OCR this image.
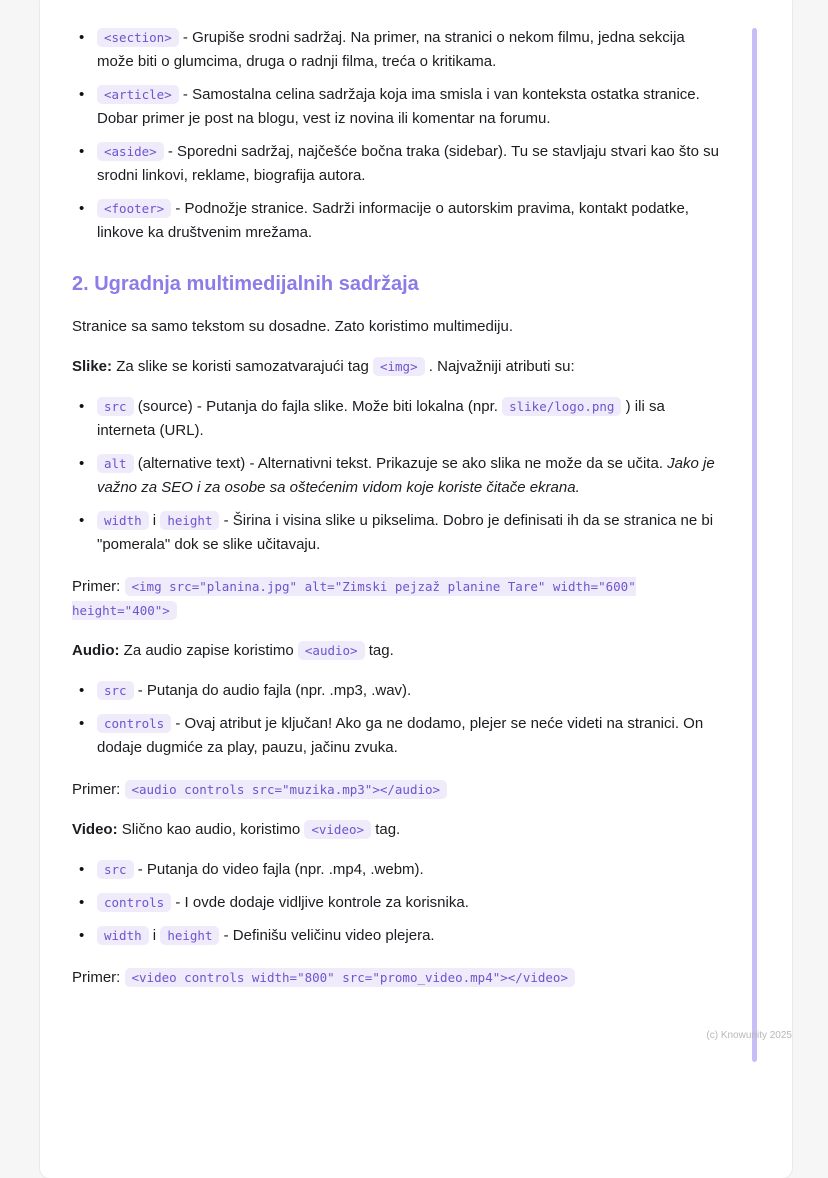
• <section> - Grupiše srodni sadržaj. Na primer, na stranici o nekom filmu, jedna sekcija može biti o glumcima, druga o radnji filma, treća o kritikama.
• <article> - Samostalna celina sadržaja koja ima smisla i van konteksta ostatka stranice. Dobar primer je post na blogu, vest iz novina ili komentar na forumu.
• <aside> - Sporedni sadržaj, najčešće bočna traka (sidebar). Tu se stavljaju stvari kao što su srodni linkovi, reklame, biografija autora.
• <footer> - Podnožje stranice. Sadrži informacije o autorskim pravima, kontakt podatke, linkove ka društvenim mrežama.
2. Ugradnja multimedijalnih sadržaja

Stranice sa samo tekstom su dosadne. Zato koristimo multimediju.

Slike: Za slike se koristi samozatvarajući tag <img> . Najvažniji atributi su:

• src (source) - Putanja do fajla slike. Može biti lokalna (npr. slike/logo.png ) ili sa interneta (URL).
• alt (alternative text) - Alternativni tekst. Prikazuje se ako slika ne može da se učita. Jako je važno za SEO i za osobe sa oštećenim vidom koje koriste čitače ekrana.
• width i height - Širina i visina slike u pikselima. Dobro je definisati ih da se stranica ne bi "pomerala" dok se slike učitavaju.

Primer: <img src="planina.jpg" alt="Zimski pejzaž planine Tare" width="600" height="400">

Audio: Za audio zapise koristimo <audio> tag.

• src - Putanja do audio fajla (npr. .mp3, .wav).
• controls - Ovaj atribut je ključan! Ako ga ne dodamo, plejer se neće videti na stranici. On dodaje dugmiće za play, pauzu, jačinu zvuka.

Primer: <audio controls src="muzika.mp3"></audio>

Video: Slično kao audio, koristimo <video> tag.

• src - Putanja do video fajla (npr. .mp4, .webm).
• controls - I ovde dodaje vidljive kontrole za korisnika.
• width i height - Definišu veličinu video plejera.

Primer: <video controls width="800" src="promo_video.mp4"></video>

(c) Knowunity 2025
